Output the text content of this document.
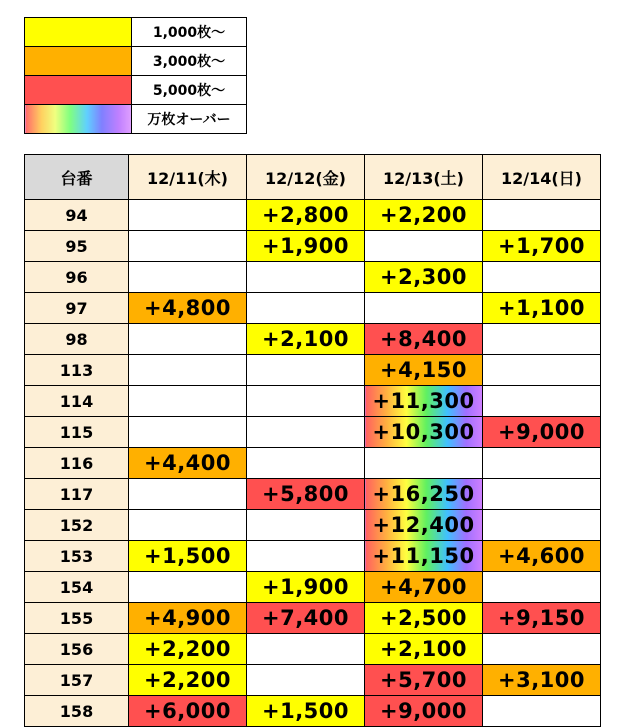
	1,000枚～
	3,000枚～
	5,000枚～
	万枚オーバー
台番	12/11(木)	12/12(金)	12/13(土)	12/14(日)
94		+2,800	+2,200	
95		+1,900		+1,700
96			+2,300	
97	+4,800			+1,100
98		+2,100	+8,400	
113			+4,150	
114			+11,300	
115			+10,300	+9,000
116	+4,400			
117		+5,800	+16,250	
152			+12,400	
153	+1,500		+11,150	+4,600
154		+1,900	+4,700	
155	+4,900	+7,400	+2,500	+9,150
156	+2,200		+2,100	
157	+2,200		+5,700	+3,100
158	+6,000	+1,500	+9,000	
